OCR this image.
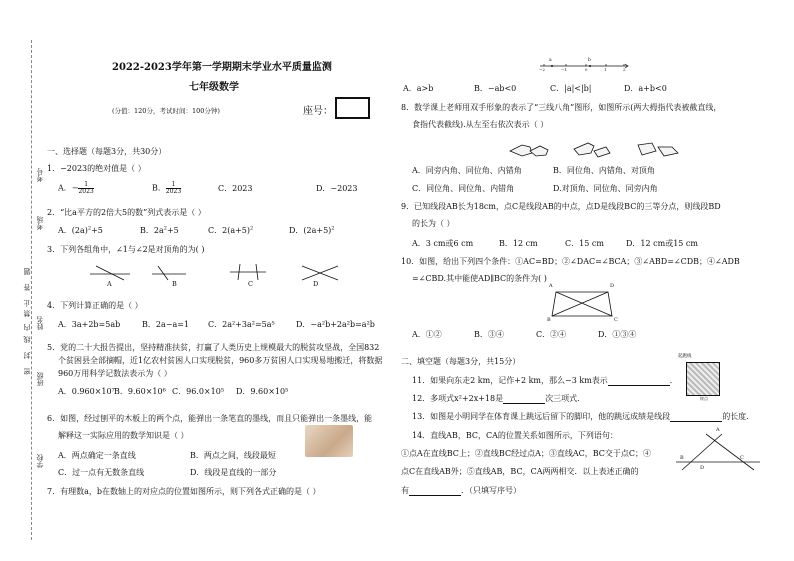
考号
考场
姓名
班级
学校
题
答
止
禁
内
线
封
密
2022-2023学年第一学期期末学业水平质量监测
七年级数学
(分值：120分，考试时间：100分钟)	座号：
一、选择题（每题3分，共30分）
1．−2023的绝对值是（ ）
A．− $\frac{1}{2023}$	B． $\frac{1}{2023}$	C．2023	D．−2023
2．“比a平方的2倍大5的数”列式表示是（ ）
A．$(2a)^2+5$	B．$2a^2+5$	C．$2(a+5)^2$	D．$(2a+5)^2$
3．下列各组角中，∠1与∠2是对顶角的为( )
A	B	C	D
4．下列计算正确的是（ ）
A．3a+2b=5ab	B．2a−a=1 C．2a²+3a²=5a⁵	D．−a²b+2a²b=a²b
5．党的二十大报告提出，坚持精准扶贫，打赢了人类历史上规模最大的脱贫攻坚战，全国832
个贫困县全部摘帽，近1亿农村贫困人口实现脱贫，960多万贫困人口实现易地搬迁，将数据
960万用科学记数法表示为（ ）
A．0.960×10⁷ B．9.60×10⁶ C．96.0×10⁵ D．9.60×10⁵
6．如图，经过刨平的木板上的两个点，能弹出一条笔直的墨线，而且只能弹出一条墨线，能
解释这一实际应用的数学知识是（ ）
A．两点确定一条直线	B．两点之间，线段最短
C．过一点有无数条直线	D．线段是直线的一部分
7．有理数a，b在数轴上的对应点的位置如图所示，则下列各式正确的是（ ）
a	b
−2	−1	0	1	2
A．a>b	B．−ab<0	C．|a|<|b|	D．a+b<0
8．数学课上老师用双手形象的表示了“三线八角”图形，如图所示(两大拇指代表被截直线，
食指代表截线).从左至右依次表示（ ）
A．同旁内角、同位角、内错角	B．同位角、内错角、对顶角
C．同位角、同位角、内错角	D.对顶角、同位角、同旁内角
9．已知线段AB长为18cm，点C是线段AB的中点，点D是线段BC的三等分点，则线段BD
的长为（ ）
A．3 cm或6 cm	B．12 cm	C．15 cm	D．12 cm或15 cm
10．如图，给出下列四个条件：①AC=BD；②∠DAC=∠BCA；③∠ABD=∠CDB；④∠ADB
=∠CBD.其中能使AD∥BC的条件为( )
A	D
B	C
A．①②	B．③④	C．②④	D．①③④
二、填空题（每题3分，共15分）
起跑线
终点
11．如果向东走2 km，记作+2 km，那么−3 km表示	．
12．多项式x²+2x+18是	次三项式．
13．如图是小明同学在体育课上跳远后留下的脚印，他的跳远成绩是线段	的长度．
14．直线AB，BC，CA的位置关系如图所示，下列语句：
①点A在直线BC上；②直线BC经过点A；③直线AC，BC交于点C；④
点C在直线AB外；⑤直线AB，BC，CA两两相交．以上表述正确的
有	．（只填写序号）
A
B
D
C
